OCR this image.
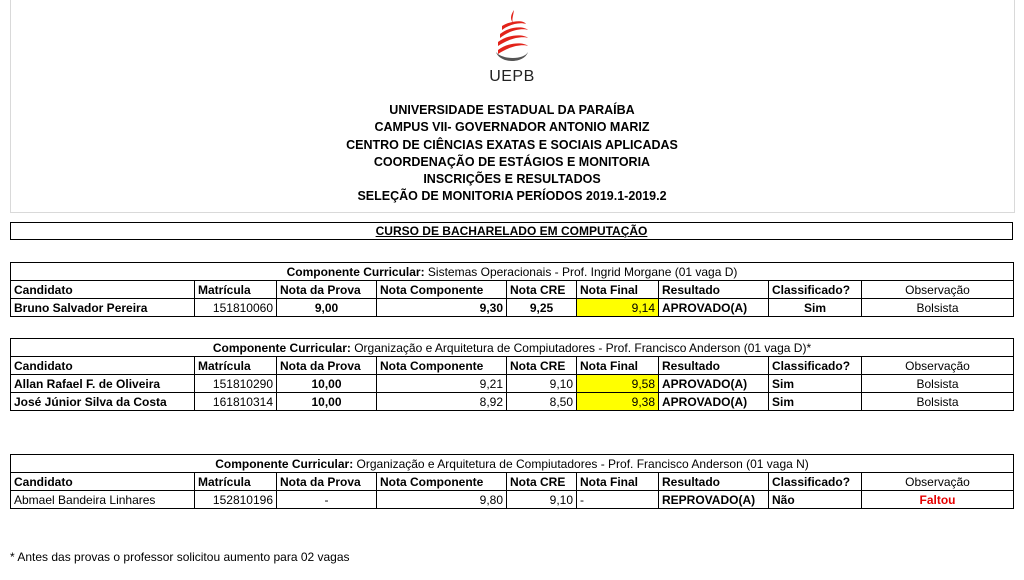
UEPB
UNIVERSIDADE ESTADUAL DA PARAÍBA
CAMPUS VII- GOVERNADOR ANTONIO MARIZ
CENTRO DE CIÊNCIAS EXATAS E SOCIAIS APLICADAS
COORDENAÇÃO DE ESTÁGIOS E MONITORIA
INSCRIÇÕES E RESULTADOS
SELEÇÃO DE MONITORIA PERÍODOS 2019.1-2019.2
CURSO DE BACHARELADO EM COMPUTAÇÃO
Componente Curricular: Sistemas Operacionais - Prof. Ingrid Morgane (01 vaga D)								
Candidato	Matrícula	Nota da Prova	Nota Componente	Nota CRE	Nota Final	Resultado	Classificado?	Observação
Bruno Salvador Pereira	151810060	9,00	9,30	9,25	9,14	APROVADO(A)	Sim	Bolsista
Componente Curricular: Organização e Arquitetura de Compiutadores - Prof. Francisco Anderson (01 vaga D)*								
Candidato	Matrícula	Nota da Prova	Nota Componente	Nota CRE	Nota Final	Resultado	Classificado?	Observação
Allan Rafael F. de Oliveira	151810290	10,00	9,21	9,10	9,58	APROVADO(A)	Sim	Bolsista
José Júnior Silva da Costa	161810314	10,00	8,92	8,50	9,38	APROVADO(A)	Sim	Bolsista
Componente Curricular: Organização e Arquitetura de Compiutadores - Prof. Francisco Anderson (01 vaga N)								
Candidato	Matrícula	Nota da Prova	Nota Componente	Nota CRE	Nota Final	Resultado	Classificado?	Observação
Abmael Bandeira Linhares	152810196	-	9,80	9,10	-	REPROVADO(A)	Não	Faltou
* Antes das provas o professor solicitou aumento para 02 vagas
